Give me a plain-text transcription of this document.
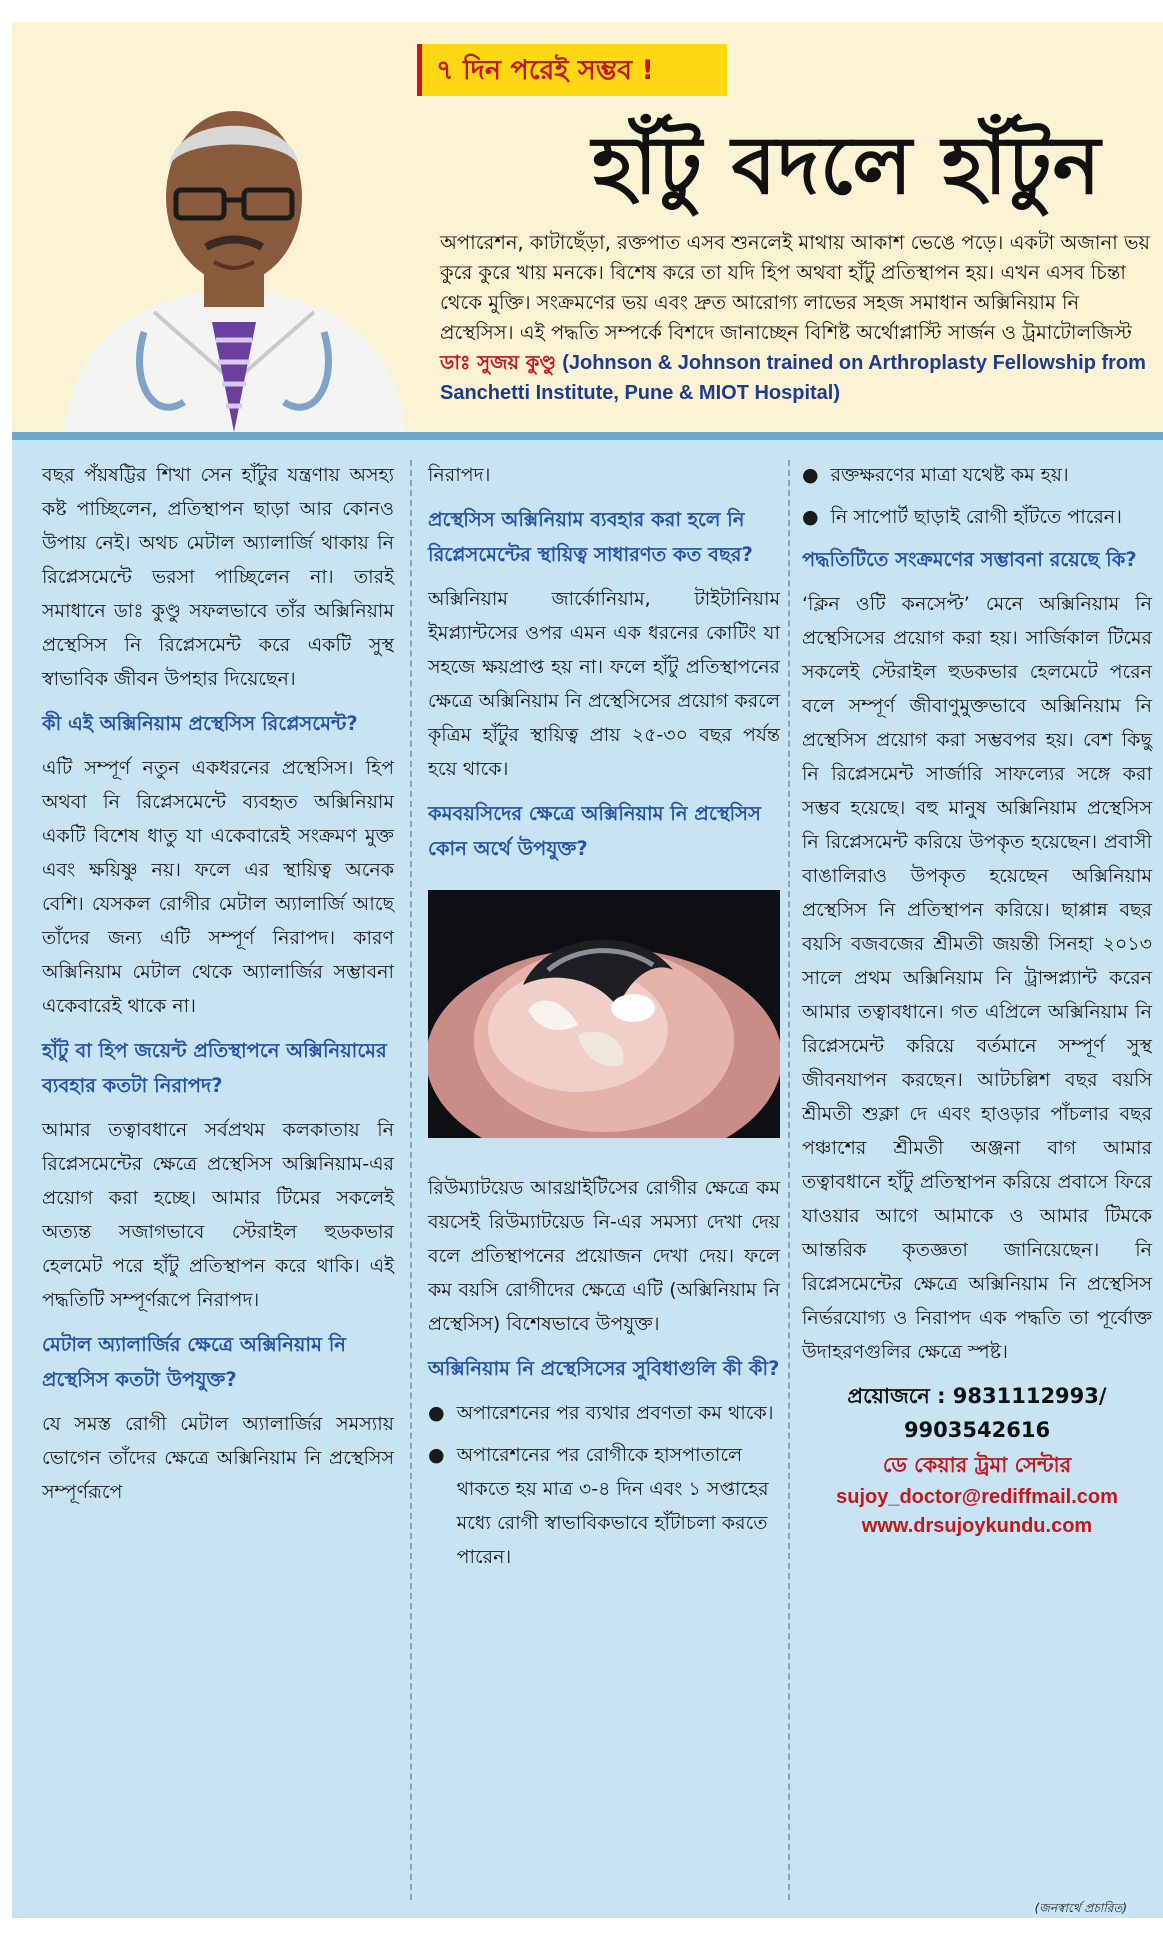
৭ দিন পরেই সম্ভব !
হাঁটু বদলে হাঁটুন
অপারেশন, কাটাছেঁড়া, রক্তপাত এসব শুনলেই মাথায় আকাশ ভেঙে পড়ে। একটা অজানা ভয় কুরে কুরে খায় মনকে। বিশেষ করে তা যদি হিপ অথবা হাঁটু প্রতিস্থাপন হয়। এখন এসব চিন্তা থেকে মুক্তি। সংক্রমণের ভয় এবং দ্রুত আরোগ্য লাভের সহজ সমাধান অক্সিনিয়াম নি প্রস্থেসিস। এই পদ্ধতি সম্পর্কে বিশদে জানাচ্ছেন বিশিষ্ট অর্থোপ্লাস্টি সার্জন ও ট্রমাটোলজিস্ট ডাঃ সুজয় কুণ্ডু (Johnson & Johnson trained on Arthroplasty Fellowship from Sanchetti Institute, Pune & MIOT Hospital)

বছর পঁয়ষট্টির শিখা সেন হাঁটুর যন্ত্রণায় অসহ্য কষ্ট পাচ্ছিলেন, প্রতিস্থাপন ছাড়া আর কোনও উপায় নেই। অথচ মেটাল অ্যালার্জি থাকায় নি রিপ্লেসমেন্টে ভরসা পাচ্ছিলেন না। তারই সমাধানে ডাঃ কুণ্ডু সফলভাবে তাঁর অক্সিনিয়াম প্রস্থেসিস নি রিপ্লেসমেন্ট করে একটি সুস্থ স্বাভাবিক জীবন উপহার দিয়েছেন।

কী এই অক্সিনিয়াম প্রস্থেসিস রিপ্লেসমেন্ট?

এটি সম্পূর্ণ নতুন একধরনের প্রস্থেসিস। হিপ অথবা নি রিপ্লেসমেন্টে ব্যবহৃত অক্সিনিয়াম একটি বিশেষ ধাতু যা একেবারেই সংক্রমণ মুক্ত এবং ক্ষয়িষ্ণু নয়। ফলে এর স্থায়িত্ব অনেক বেশি। যেসকল রোগীর মেটাল অ্যালার্জি আছে তাঁদের জন্য এটি সম্পূর্ণ নিরাপদ। কারণ অক্সিনিয়াম মেটাল থেকে অ্যালার্জির সম্ভাবনা একেবারেই থাকে না।

হাঁটু বা হিপ জয়েন্ট প্রতিস্থাপনে অক্সিনিয়ামের ব্যবহার কতটা নিরাপদ?

আমার তত্বাবধানে সর্বপ্রথম কলকাতায় নি রিপ্লেসমেন্টের ক্ষেত্রে প্রস্থেসিস অক্সিনিয়াম-এর প্রয়োগ করা হচ্ছে। আমার টিমের সকলেই অত্যন্ত সজাগভাবে স্টেরাইল হুডকভার হেলমেট পরে হাঁটু প্রতিস্থাপন করে থাকি। এই পদ্ধতিটি সম্পূর্ণরূপে নিরাপদ।

মেটাল অ্যালার্জির ক্ষেত্রে অক্সিনিয়াম নি প্রস্থেসিস কতটা উপযুক্ত?

যে সমস্ত রোগী মেটাল অ্যালার্জির সমস্যায় ভোগেন তাঁদের ক্ষেত্রে অক্সিনিয়াম নি প্রস্থেসিস সম্পূর্ণরূপে

নিরাপদ।

প্রস্থেসিস অক্সিনিয়াম ব্যবহার করা হলে নি রিপ্লেসমেন্টের স্থায়িত্ব সাধারণত কত বছর?

অক্সিনিয়াম জার্কোনিয়াম, টাইটানিয়াম ইমপ্ল্যান্টসের ওপর এমন এক ধরনের কোটিং যা সহজে ক্ষয়প্রাপ্ত হয় না। ফলে হাঁটু প্রতিস্থাপনের ক্ষেত্রে অক্সিনিয়াম নি প্রস্থেসিসের প্রয়োগ করলে কৃত্রিম হাঁটুর স্থায়িত্ব প্রায় ২৫-৩০ বছর পর্যন্ত হয়ে থাকে।

কমবয়সিদের ক্ষেত্রে অক্সিনিয়াম নি প্রস্থেসিস কোন অর্থে উপযুক্ত?

রিউম্যাটয়েড আরথ্রাইটিসের রোগীর ক্ষেত্রে কম বয়সেই রিউম্যাটয়েড নি-এর সমস্যা দেখা দেয় বলে প্রতিস্থাপনের প্রয়োজন দেখা দেয়। ফলে কম বয়সি রোগীদের ক্ষেত্রে এটি (অক্সিনিয়াম নি প্রস্থেসিস) বিশেষভাবে উপযুক্ত।

অক্সিনিয়াম নি প্রস্থেসিসের সুবিধাগুলি কী কী?
● অপারেশনের পর ব্যথার প্রবণতা কম থাকে।
● অপারেশনের পর রোগীকে হাসপাতালে থাকতে হয় মাত্র ৩-৪ দিন এবং ১ সপ্তাহের মধ্যে রোগী স্বাভাবিকভাবে হাঁটাচলা করতে পারেন।
● রক্তক্ষরণের মাত্রা যথেষ্ট কম হয়।
● নি সাপোর্ট ছাড়াই রোগী হাঁটতে পারেন।
পদ্ধতিটিতে সংক্রমণের সম্ভাবনা রয়েছে কি?

‘ক্লিন ওটি কনসেপ্ট’ মেনে অক্সিনিয়াম নি প্রস্থেসিসের প্রয়োগ করা হয়। সার্জিকাল টিমের সকলেই স্টেরাইল হুডকভার হেলমেটে পরেন বলে সম্পূর্ণ জীবাণুমুক্তভাবে অক্সিনিয়াম নি প্রস্থেসিস প্রয়োগ করা সম্ভবপর হয়। বেশ কিছু নি রিপ্লেসমেন্ট সার্জারি সাফল্যের সঙ্গে করা সম্ভব হয়েছে। বহু মানুষ অক্সিনিয়াম প্রস্থেসিস নি রিপ্লেসমেন্ট করিয়ে উপকৃত হয়েছেন। প্রবাসী বাঙালিরাও উপকৃত হয়েছেন অক্সিনিয়াম প্রস্থেসিস নি প্রতিস্থাপন করিয়ে। ছাপ্পান্ন বছর বয়সি বজবজের শ্রীমতী জয়ন্তী সিনহা ২০১৩ সালে প্রথম অক্সিনিয়াম নি ট্রান্সপ্ল্যান্ট করেন আমার তত্বাবধানে। গত এপ্রিলে অক্সিনিয়াম নি রিপ্লেসমেন্ট করিয়ে বর্তমানে সম্পূর্ণ সুস্থ জীবনযাপন করছেন। আটচল্লিশ বছর বয়সি শ্রীমতী শুক্লা দে এবং হাওড়ার পাঁচলার বছর পঞ্চাশের শ্রীমতী অঞ্জনা বাগ আমার তত্বাবধানে হাঁটু প্রতিস্থাপন করিয়ে প্রবাসে ফিরে যাওয়ার আগে আমাকে ও আমার টিমকে আন্তরিক কৃতজ্ঞতা জানিয়েছেন। নি রিপ্লেসমেন্টের ক্ষেত্রে অক্সিনিয়াম নি প্রস্থেসিস নির্ভরযোগ্য ও নিরাপদ এক পদ্ধতি তা পূর্বোক্ত উদাহরণগুলির ক্ষেত্রে স্পষ্ট।

প্রয়োজনে : 9831112993/
9903542616
ডে কেয়ার ট্রমা সেন্টার
sujoy_doctor@rediffmail.com
www.drsujoykundu.com
(জনস্বার্থে প্রচারিত)
